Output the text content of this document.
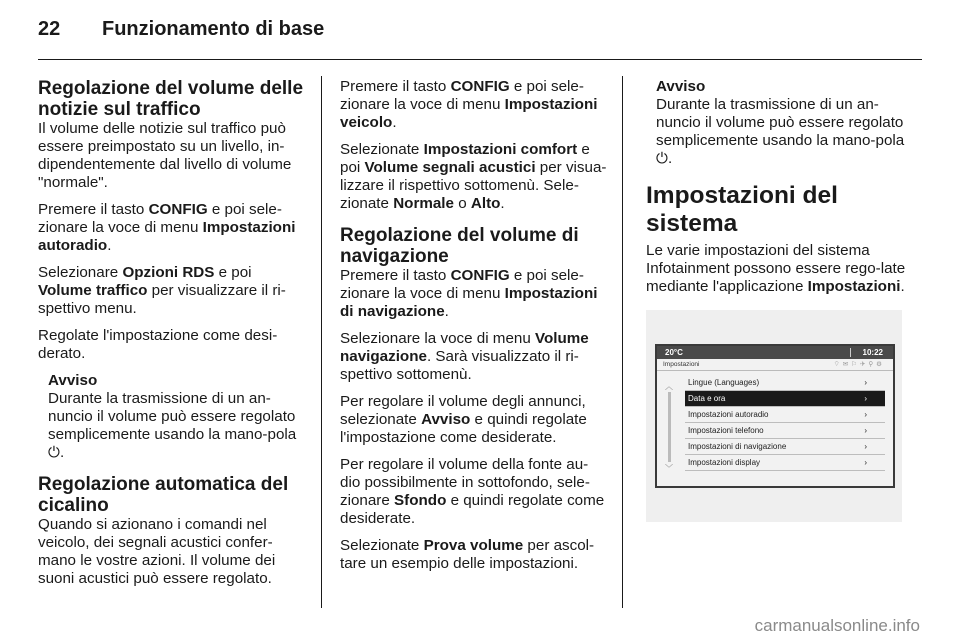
22 Funzionamento di base
Regolazione del volume delle notizie sul traffico

Il volume delle notizie sul traffico può essere preimpostato su un livello, in-dipendentemente dal livello di volume "normale".

Premere il tasto CONFIG e poi sele-zionare la voce di menu Impostazioni autoradio.

Selezionare Opzioni RDS e poi Volume traffico per visualizzare il ri-spettivo menu.

Regolate l'impostazione come desi-derato.

Avviso
Durante la trasmissione di un an-nuncio il volume può essere regolato semplicemente usando la mano-pola ⏻.
Regolazione automatica del cicalino

Quando si azionano i comandi nel veicolo, dei segnali acustici confer-mano le vostre azioni. Il volume dei suoni acustici può essere regolato.

Premere il tasto CONFIG e poi sele-zionare la voce di menu Impostazioni veicolo.

Selezionate Impostazioni comfort e poi Volume segnali acustici per visua-lizzare il rispettivo sottomenù. Sele-zionate Normale o Alto.

Regolazione del volume di navigazione

Premere il tasto CONFIG e poi sele-zionare la voce di menu Impostazioni di navigazione.

Selezionare la voce di menu Volume navigazione. Sarà visualizzato il ri-spettivo sottomenù.

Per regolare il volume degli annunci, selezionate Avviso e quindi regolate l'impostazione come desiderate.

Per regolare il volume della fonte au-dio possibilmente in sottofondo, sele-zionare Sfondo e quindi regolate come desiderate.

Selezionate Prova volume per ascol-tare un esempio delle impostazioni.

Avviso
Durante la trasmissione di un an-nuncio il volume può essere regolato semplicemente usando la mano-pola ⏻.
Impostazioni del sistema

Le varie impostazioni del sistema Infotainment possono essere rego-late mediante l'applicazione Impostazioni.

20°C	10:22
Impostazioni	⌔✉⚐✈⚲⚙
︿
﹀
Lingue (Languages)	›
Data e ora	›
Impostazioni autoradio	›
Impostazioni telefono	›
Impostazioni di navigazione	›
Impostazioni display	›
carmanualsonline.info
